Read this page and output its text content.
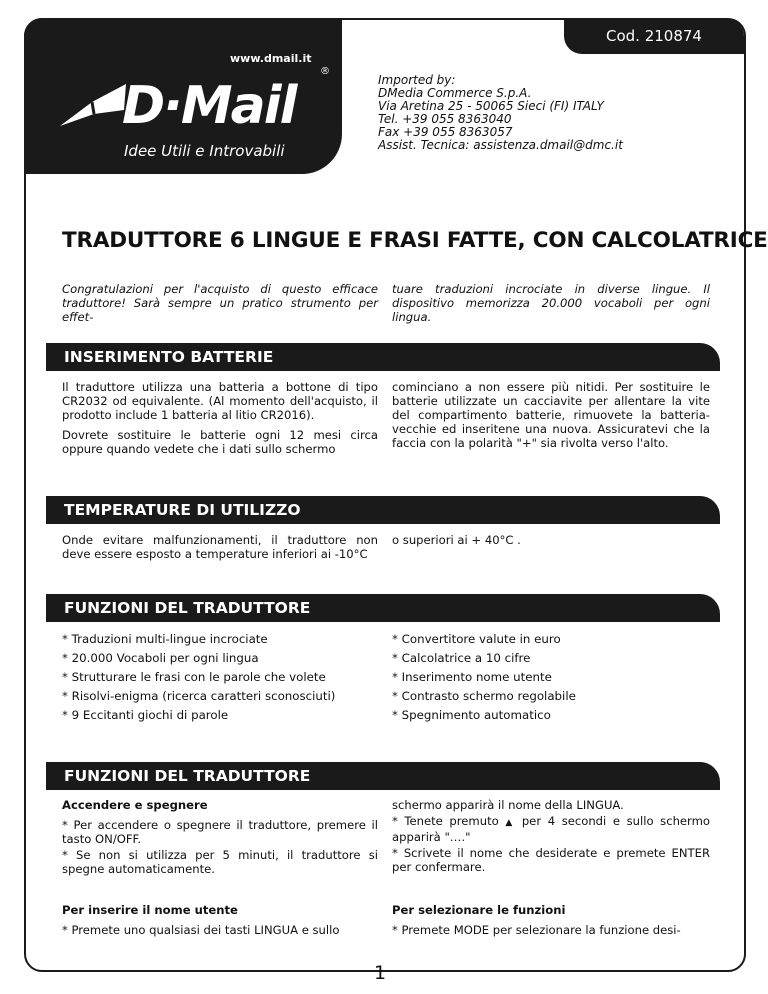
Cod. 210874
www.dmail.it
®
D·Mail
Idee Utili e Introvabili
Imported by:
DMedia Commerce S.p.A.
Via Aretina 25 - 50065 Sieci (FI) ITALY
Tel. +39 055 8363040
Fax +39 055 8363057
Assist. Tecnica: assistenza.dmail@dmc.it
TRADUTTORE 6 LINGUE E FRASI FATTE, CON CALCOLATRICE
Congratulazioni per l'acquisto di questo efficace traduttore! Sarà sempre un pratico strumento per effet-
tuare traduzioni incrociate in diverse lingue. Il dispositivo memorizza 20.000 vocaboli per ogni lingua.
INSERIMENTO BATTERIE

Il traduttore utilizza una batteria a bottone di tipo CR2032 od equivalente. (Al momento dell'acquisto, il prodotto include 1 batteria al litio CR2016).

Dovrete sostituire le batterie ogni 12 mesi circa oppure quando vedete che i dati sullo schermo

cominciano a non essere più nitidi. Per sostituire le batterie utilizzate un cacciavite per allentare la vite del compartimento batterie, rimuovete la batteria-vecchie ed inseritene una nuova. Assicuratevi che la faccia con la polarità "+" sia rivolta verso l'alto.
TEMPERATURE DI UTILIZZO
Onde evitare malfunzionamenti, il traduttore non deve essere esposto a temperature inferiori ai -10°C
o superiori ai + 40°C .
FUNZIONI DEL TRADUTTORE
* Traduzioni multi-lingue incrociate
* 20.000 Vocaboli per ogni lingua
* Strutturare le frasi con le parole che volete
* Risolvi-enigma (ricerca caratteri sconosciuti)
* 9 Eccitanti giochi di parole
* Convertitore valute in euro
* Calcolatrice a 10 cifre
* Inserimento nome utente
* Contrasto schermo regolabile
* Spegnimento automatico
FUNZIONI DEL TRADUTTORE

Accendere e spegnere

* Per accendere o spegnere il traduttore, premere il tasto ON/OFF.

* Se non si utilizza per 5 minuti, il traduttore si spegne automaticamente.

schermo apparirà il nome della LINGUA.

* Tenete premuto ▲ per 4 secondi e sullo schermo apparirà "…."

* Scrivete il nome che desiderate e premete ENTER per confermare.

Per inserire il nome utente

* Premete uno qualsiasi dei tasti LINGUA e sullo

Per selezionare le funzioni

* Premete MODE per selezionare la funzione desi-

1
